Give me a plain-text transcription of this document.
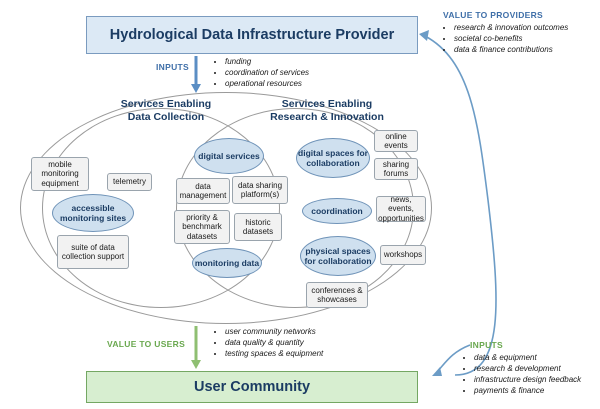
Hydrological Data Infrastructure Provider
INPUTS
• funding
• coordination of services
• operational resources
VALUE TO PROVIDERS
• research & innovation outcomes
• societal co-benefits
• data & finance contributions
Services Enabling
Data Collection
Services Enabling
Research & Innovation
mobile monitoring equipment	telemetry
accessible monitoring sites
suite of data collection support
digital services
data management
data sharing platform(s)
priority & benchmark datasets
historic datasets
monitoring data
digital spaces for collaboration
online events
sharing forums
coordination
news, events, opportunities
physical spaces for collaboration
workshops
conferences & showcases
VALUE TO USERS
• user community networks
• data quality & quantity
• testing spaces & equipment
INPUTS
• data & equipment
• research & development
• infrastructure design feedback
• payments & finance
User Community
